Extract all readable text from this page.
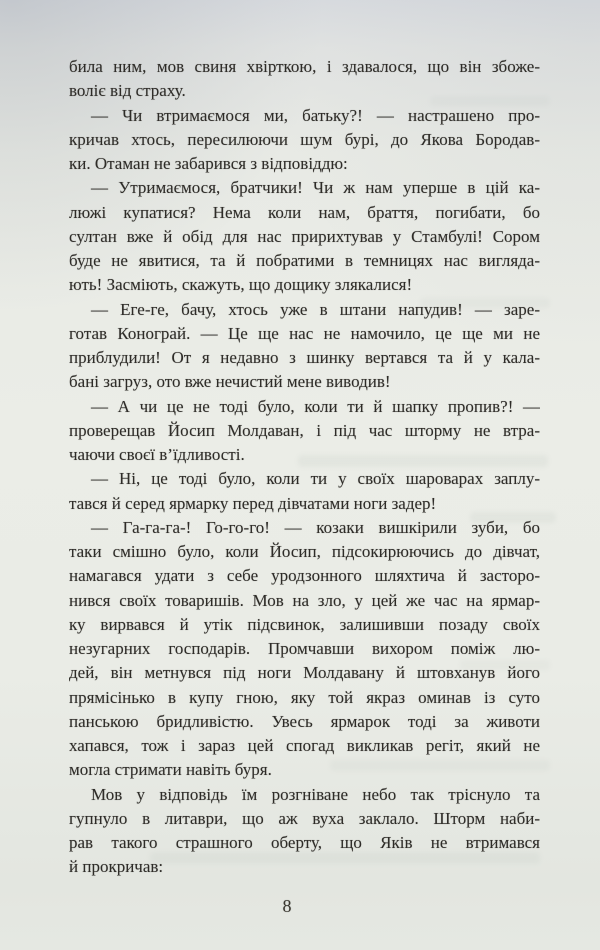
била ним, мов свиня хвірткою, і здавалося, що він збоже-
воліє від страху.
— Чи втримаємося ми, батьку?! — настрашено про-
кричав хтось, пересилюючи шум бурі, до Якова Бородав-
ки. Отаман не забарився з відповіддю:
— Утримаємося, братчики! Чи ж нам уперше в цій ка-
люжі купатися? Нема коли нам, браття, погибати, бо
султан вже й обід для нас пририхтував у Стамбулі! Сором
буде не явитися, та й побратими в темницях нас вигляда-
ють! Засміють, скажуть, що дощику злякалися!
— Еге-ге, бачу, хтось уже в штани напудив! — заре-
готав Конограй. — Це ще нас не намочило, це ще ми не
приблудили! От я недавно з шинку вертався та й у кала-
бані загруз, ото вже нечистий мене виводив!
— А чи це не тоді було, коли ти й шапку пропив?! —
проверещав Йосип Молдаван, і під час шторму не втра-
чаючи своєї в’їдливості.
— Ні, це тоді було, коли ти у своїх шароварах заплу-
тався й серед ярмарку перед дівчатами ноги задер!
— Га-га-га-! Го-го-го! — козаки вишкірили зуби, бо
таки смішно було, коли Йосип, підсокирюючись до дівчат,
намагався удати з себе уродзонного шляхтича й засторо-
нився своїх товаришів. Мов на зло, у цей же час на ярмар-
ку вирвався й утік підсвинок, залишивши позаду своїх
незугарних господарів. Промчавши вихором поміж лю-
дей, він метнувся під ноги Молдавану й штовханув його
прямісінько в купу гною, яку той якраз оминав із суто
панською бридливістю. Увесь ярмарок тоді за животи
хапався, тож і зараз цей спогад викликав регіт, який не
могла стримати навіть буря.
Мов у відповідь їм розгніване небо так тріснуло та
гупнуло в литаври, що аж вуха заклало. Шторм наби-
рав такого страшного оберту, що Яків не втримався
й прокричав:
8
